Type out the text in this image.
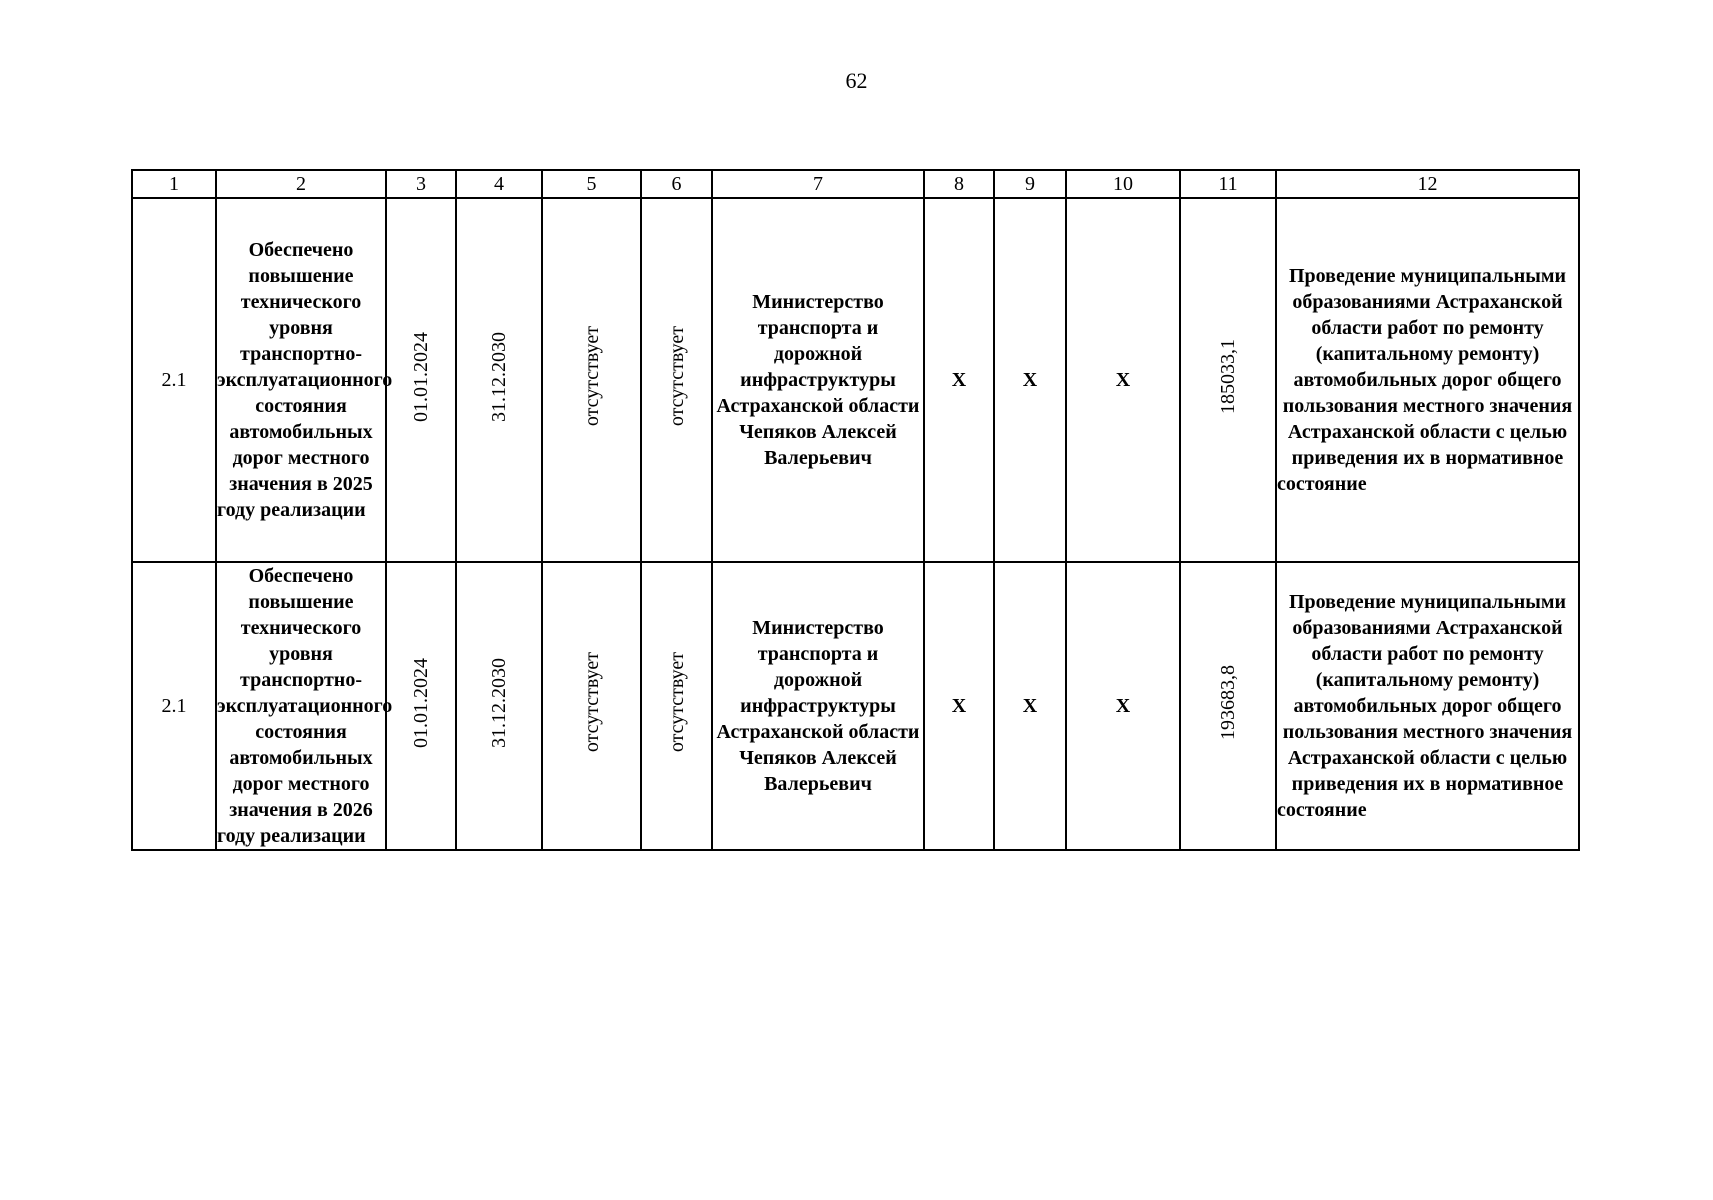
62
1	2	3	4	5	6	7	8	9	10	11	12
2.1	Обеспечено повышение технического уровня транспортно-эксплуатационного состояния автомобильных дорог местного значения в 2025 году реализации	01.01.2024	31.12.2030	отсутствует	отсутствует	Министерство транспорта и дорожной инфраструктуры Астраханской области Чепяков Алексей Валерьевич	Х	Х	Х	185033,1	Проведение муниципальными образованиями Астраханской области работ по ремонту (капитальному ремонту) автомобильных дорог общего пользования местного значения Астраханской области с целью приведения их в нормативное состояние
2.1	Обеспечено повышение технического уровня транспортно-эксплуатационного состояния автомобильных дорог местного значения в 2026 году реализации	01.01.2024	31.12.2030	отсутствует	отсутствует	Министерство транспорта и дорожной инфраструктуры Астраханской области Чепяков Алексей Валерьевич	Х	Х	Х	193683,8	Проведение муниципальными образованиями Астраханской области работ по ремонту (капитальному ремонту) автомобильных дорог общего пользования местного значения Астраханской области с целью приведения их в нормативное состояние
